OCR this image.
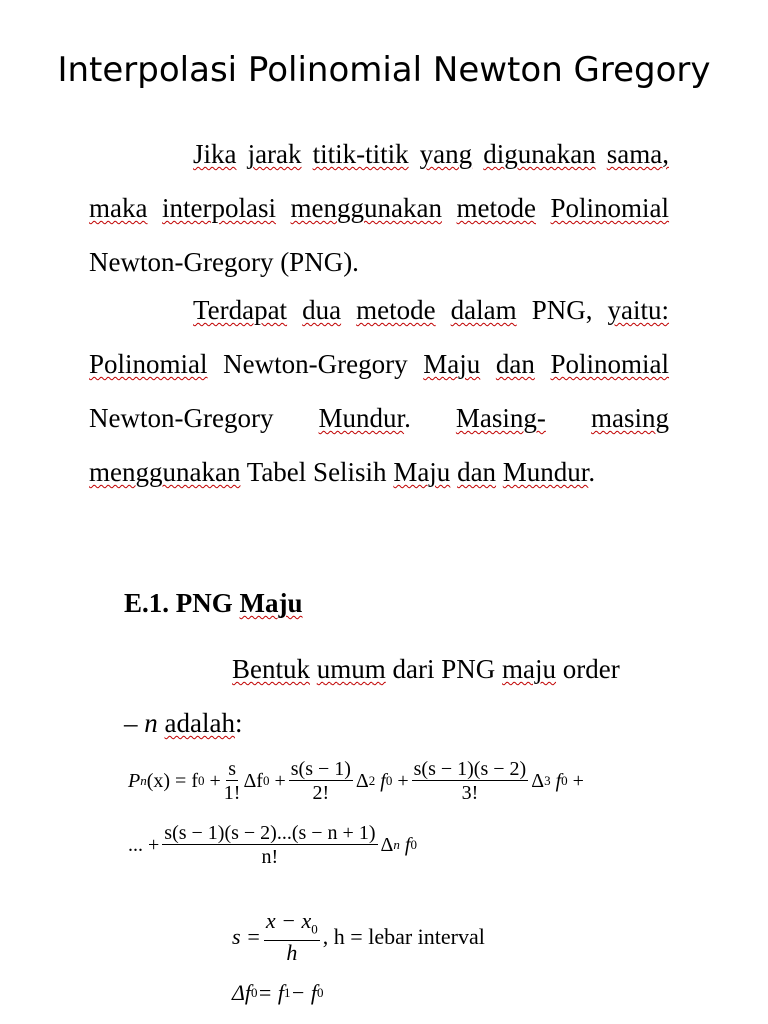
Interpolasi Polinomial Newton Gregory
Jika jarak titik-titik yang digunakan sama, maka interpolasi menggunakan metode Polinomial Newton-Gregory (PNG).
Terdapat dua metode dalam PNG, yaitu: Polinomial Newton-Gregory Maju dan Polinomial Newton-Gregory Mundur. Masing- masing menggunakan Tabel Selisih Maju dan Mundur.
E.1. PNG Maju
Bentuk umum dari PNG maju order
– n adalah:
P n (x) = f 0
+ $\frac{s}{1!}$ Δf 0
+ $\frac{s(s - 1)}{2!}$ Δ 2
f 0
+ $\frac{s(s - 1)(s - 2)}{3!}$ Δ 3
f 0
+
... + $\frac{s(s - 1)(s - 2)...(s - n + 1)}{n!}$ Δ n
f 0
$s = \frac{x - x_0}{h}$ , h = lebar interval
Δf 0 = f 1 − f 0
